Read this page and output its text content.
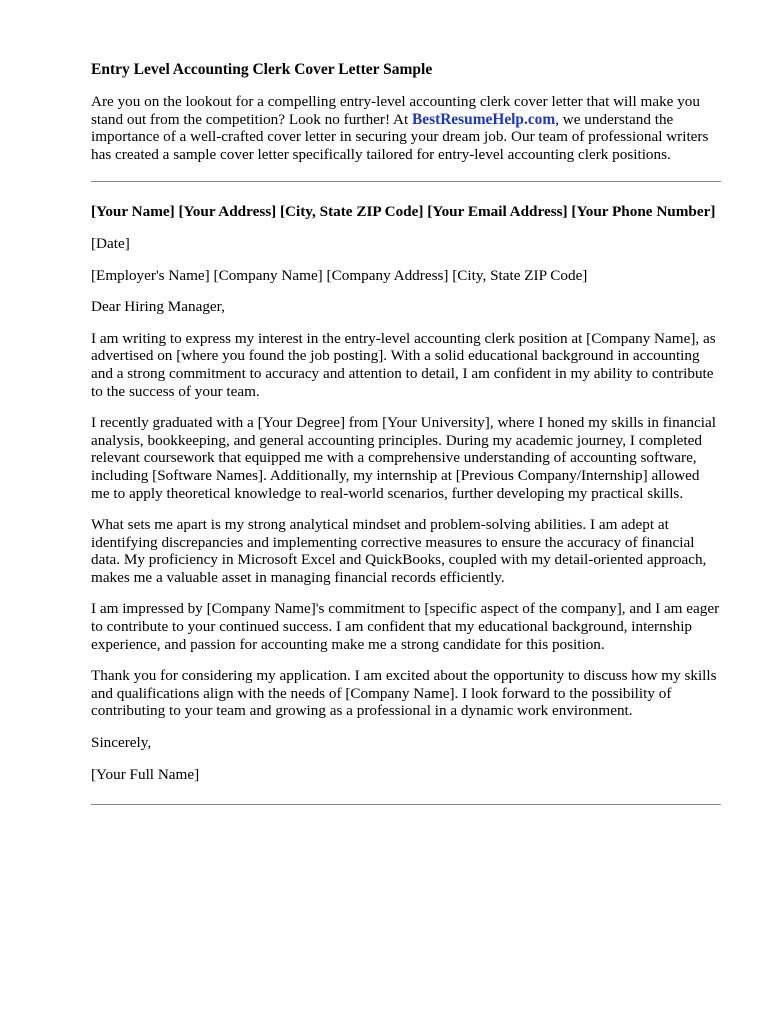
Entry Level Accounting Clerk Cover Letter Sample

Are you on the lookout for a compelling entry-level accounting clerk cover letter that will make you stand out from the competition? Look no further! At BestResumeHelp.com, we understand the importance of a well-crafted cover letter in securing your dream job. Our team of professional writers has created a sample cover letter specifically tailored for entry-level accounting clerk positions.

[Your Name] [Your Address] [City, State ZIP Code] [Your Email Address] [Your Phone Number]

[Date]

[Employer's Name] [Company Name] [Company Address] [City, State ZIP Code]

Dear Hiring Manager,

I am writing to express my interest in the entry-level accounting clerk position at [Company Name], as advertised on [where you found the job posting]. With a solid educational background in accounting and a strong commitment to accuracy and attention to detail, I am confident in my ability to contribute to the success of your team.

I recently graduated with a [Your Degree] from [Your University], where I honed my skills in financial analysis, bookkeeping, and general accounting principles. During my academic journey, I completed relevant coursework that equipped me with a comprehensive understanding of accounting software, including [Software Names]. Additionally, my internship at [Previous Company/Internship] allowed me to apply theoretical knowledge to real-world scenarios, further developing my practical skills.

What sets me apart is my strong analytical mindset and problem-solving abilities. I am adept at identifying discrepancies and implementing corrective measures to ensure the accuracy of financial data. My proficiency in Microsoft Excel and QuickBooks, coupled with my detail-oriented approach, makes me a valuable asset in managing financial records efficiently.

I am impressed by [Company Name]'s commitment to [specific aspect of the company], and I am eager to contribute to your continued success. I am confident that my educational background, internship experience, and passion for accounting make me a strong candidate for this position.

Thank you for considering my application. I am excited about the opportunity to discuss how my skills and qualifications align with the needs of [Company Name]. I look forward to the possibility of contributing to your team and growing as a professional in a dynamic work environment.

Sincerely,

[Your Full Name]
